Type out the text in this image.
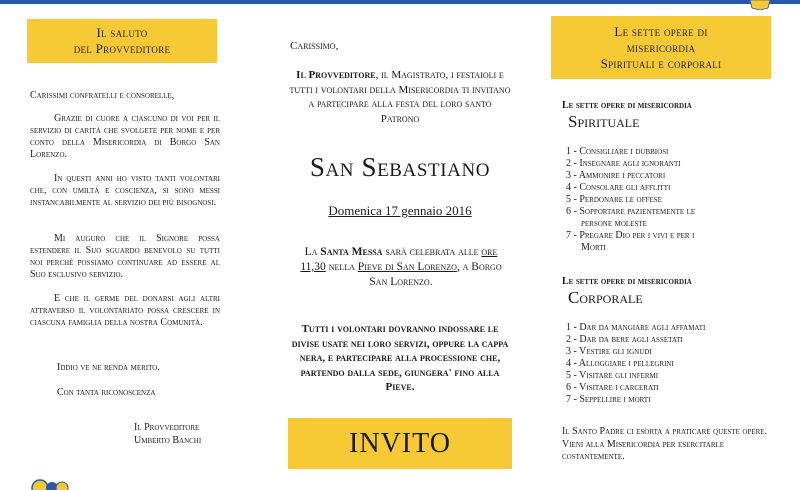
Il saluto
del Provveditore
Carissimi confratelli e consorelle,
Grazie di cuore a ciascuno di voi per il servizio di carità che svolgete per nome e per conto della Misericordia di Borgo San Lorenzo.
In questi anni ho visto tanti volontari che, con umiltà e coscienza, si sono messi instancabilmente al servizio dei più bisognosi.
Mi auguro che il Signore possa estendere il Suo sguardo benevolo su tutti noi perché possiamo continuare ad essere al Suo esclusivo servizio.
E che il germe del donarsi agli altri attraverso il volontariato possa crescere in ciascuna famiglia della nostra Comunità.
Iddio ve ne renda merito.
Con tanta riconoscenza
Il Provveditore
Umberto Banchi
Carissimo,
Il Provveditore, il Magistrato, i festaioli e tutti i volontari della Misericordia ti invitano a partecipare alla festa del loro santo Patrono
San Sebastiano
Domenica 17 gennaio 2016
La Santa Messa sarà celebrata alle ore 11,30 nella Pieve di San Lorenzo, a Borgo San Lorenzo.
Tutti i volontari dovranno indossare le divise usate nei loro servizi, oppure la cappa nera, e partecipare alla processione che, partendo dalla sede, giungera' fino alla Pieve.
INVITO
Le sette opere di
misericordia
Spirituali e corporali
Le sette opere di misericordia
Spirituale
1 - Consigliare i dubbiosi
2 - Insegnare agli ignoranti
3 - Ammonire i peccatori
4 - Consolare gli afflitti
5 - Perdonare le offese
6 - Sopportare pazientemente le
persone moleste
7 - Pregare Dio per i vivi e per i
Morti
Le sette opere di misericordia
Corporale
1 - Dar da mangiare agli affamati
2 - Dar da bere agli assetati
3 - Vestire gli ignudi
4 - Alloggiare i pellegrini
5 - Visitare gli infermi
6 - Visitare i carcerati
7 - Seppellire i morti
Il Santo Padre ci esorta a praticare queste opere. Vieni alla Misericordia per esercitarle costantemente.
